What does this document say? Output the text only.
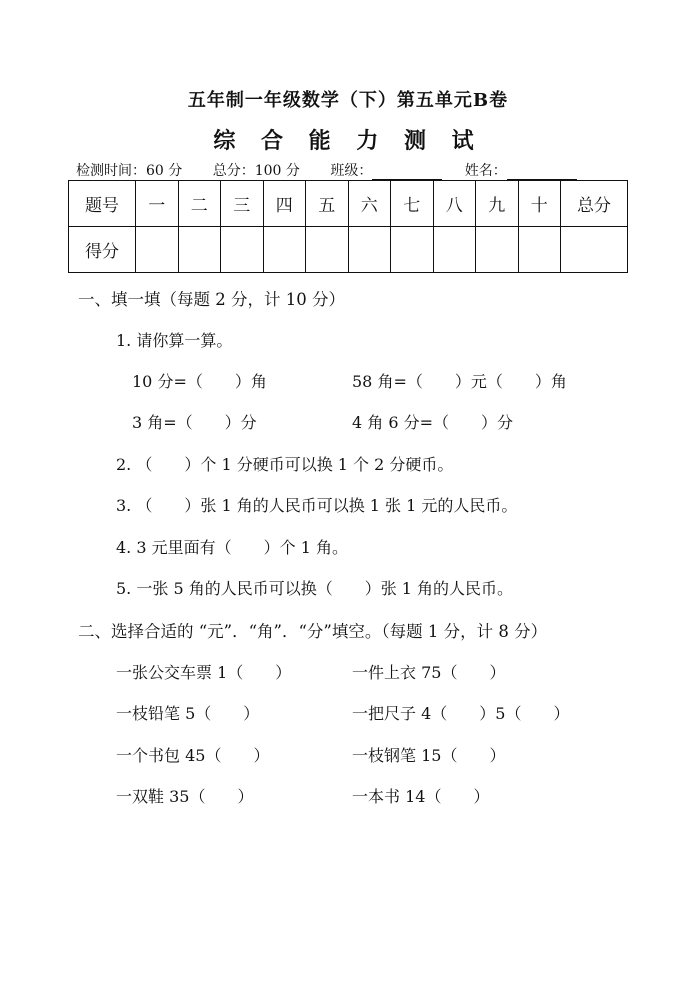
五年制一年级数学（下）第五单元B卷
综 合 能 力 测 试
检测时间：60 分 总分：100 分 班级：	姓名：
题号	一	二	三	四	五	六	七	八	九	十	总分
得分											
一、填一填（每题 2 分，计 10 分）
1. 请你算一算。
10 分=（　　）角	58 角=（　　）元（　　）角
3 角=（　　）分	4 角 6 分=（　　）分
2. （　　）个 1 分硬币可以换 1 个 2 分硬币。
3. （　　）张 1 角的人民币可以换 1 张 1 元的人民币。
4. 3 元里面有（　　）个 1 角。
5. 一张 5 角的人民币可以换（　　）张 1 角的人民币。
二、选择合适的 “元”．“角”．“分”填空。（每题 1 分，计 8 分）
一张公交车票 1（　　）	一件上衣 75（　　）
一枝铅笔 5（　　）	一把尺子 4（　　）5（　　）
一个书包 45（　　）	一枝钢笔 15（　　）
一双鞋 35（　　）	一本书 14（　　）
